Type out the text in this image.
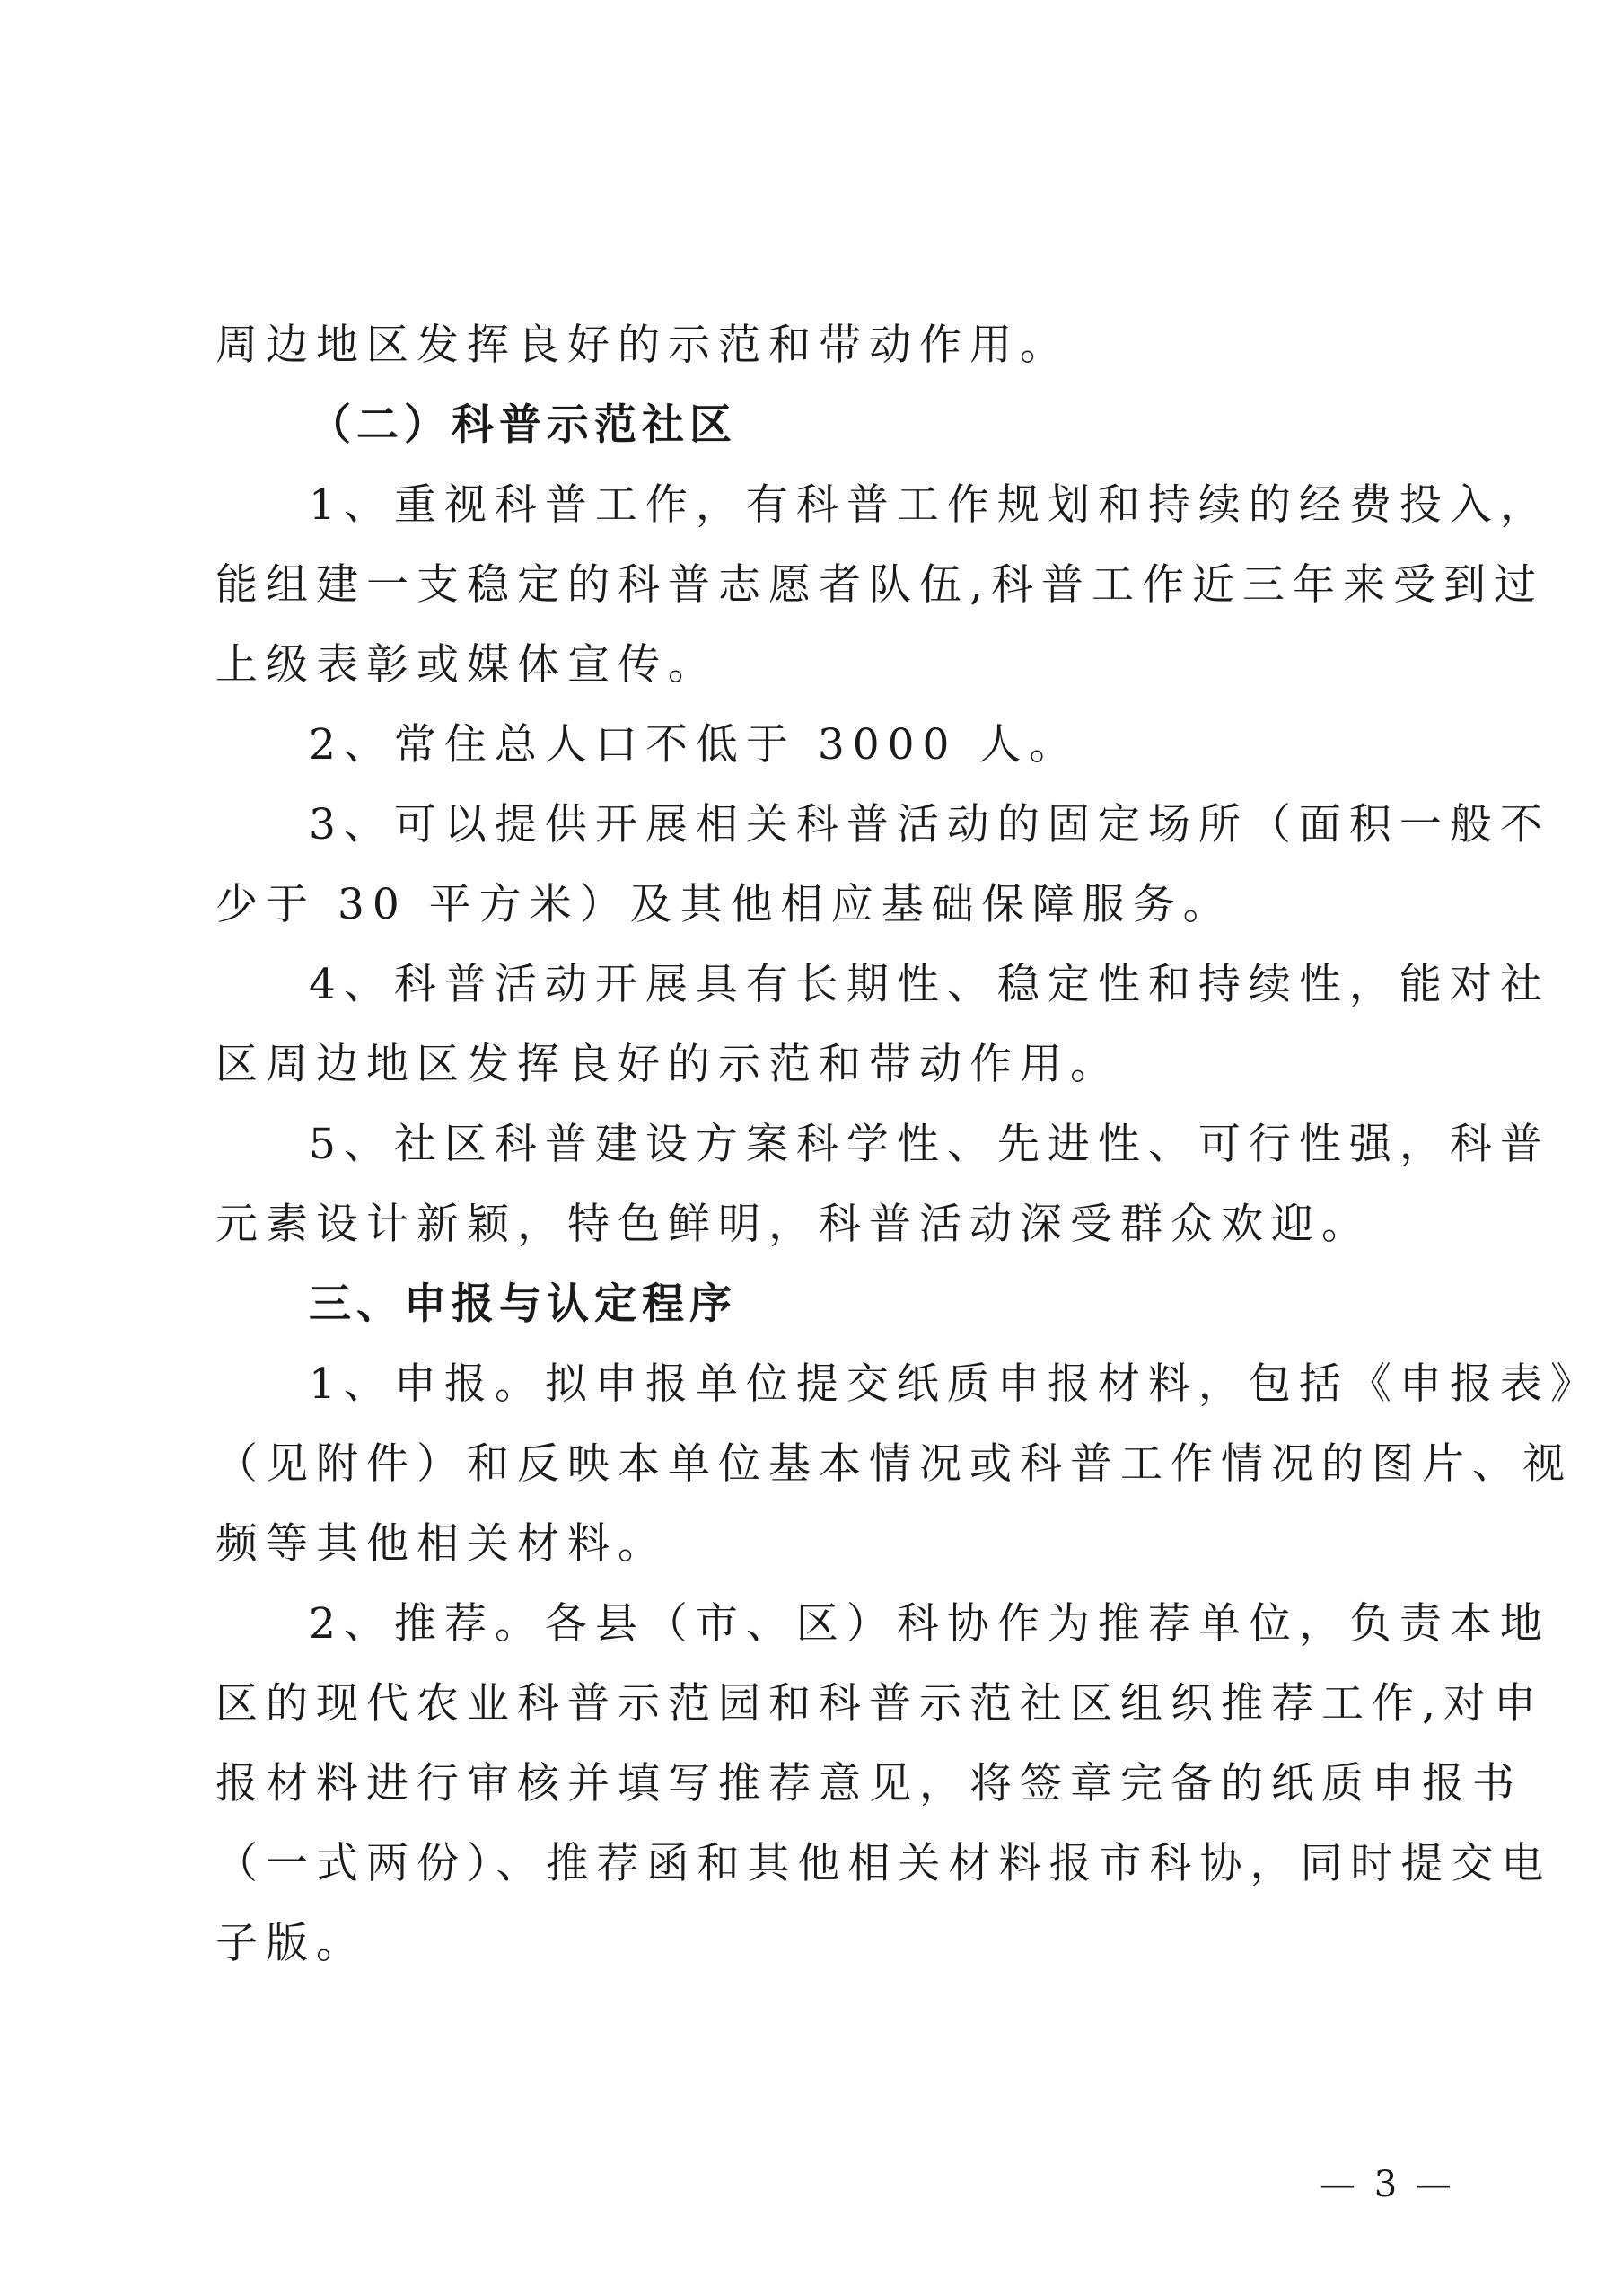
周边地区发挥良好的示范和带动作用。
（二）科普示范社区
1、重视科普工作，有科普工作规划和持续的经费投入，
能组建一支稳定的科普志愿者队伍,科普工作近三年来受到过
上级表彰或媒体宣传。
2、常住总人口不低于 3000 人。
3、可以提供开展相关科普活动的固定场所（面积一般不
少于 30 平方米）及其他相应基础保障服务。
4、科普活动开展具有长期性、稳定性和持续性，能对社
区周边地区发挥良好的示范和带动作用。
5、社区科普建设方案科学性、先进性、可行性强，科普
元素设计新颖，特色鲜明，科普活动深受群众欢迎。
三、申报与认定程序
1、申报。拟申报单位提交纸质申报材料，包括《申报表》
（见附件）和反映本单位基本情况或科普工作情况的图片、视
频等其他相关材料。
2、推荐。各县（市、区）科协作为推荐单位，负责本地
区的现代农业科普示范园和科普示范社区组织推荐工作,对申
报材料进行审核并填写推荐意见，将签章完备的纸质申报书
（一式两份）、推荐函和其他相关材料报市科协，同时提交电
子版。
— 3 —
